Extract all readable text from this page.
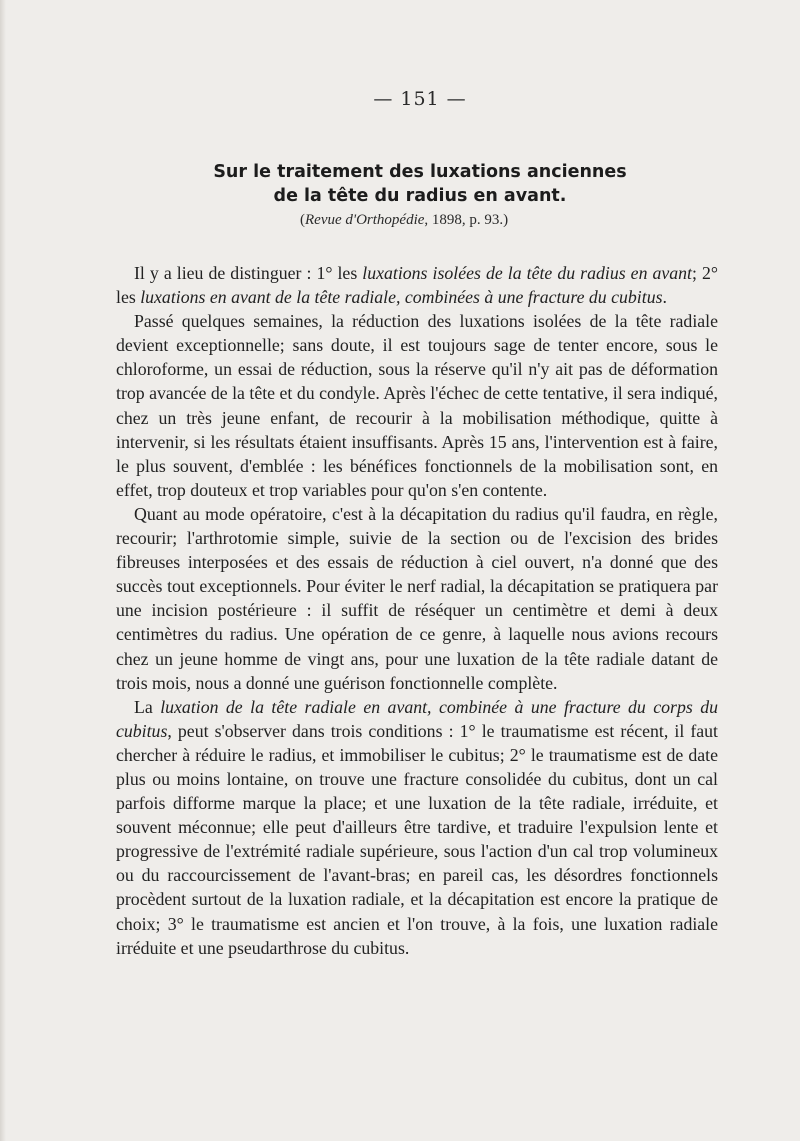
— 151 —
Sur le traitement des luxations anciennes
de la tête du radius en avant.
(Revue d'Orthopédie, 1898, p. 93.)

Il y a lieu de distinguer : 1° les luxations isolées de la tête du radius en avant; 2° les luxations en avant de la tête radiale, combinées à une fracture du cubitus.

Passé quelques semaines, la réduction des luxations isolées de la tête radiale devient exceptionnelle; sans doute, il est toujours sage de tenter encore, sous le chloroforme, un essai de réduction, sous la réserve qu'il n'y ait pas de déformation trop avancée de la tête et du condyle. Après l'échec de cette tentative, il sera indiqué, chez un très jeune enfant, de recourir à la mobilisation méthodique, quitte à intervenir, si les résultats étaient insuffisants. Après 15 ans, l'intervention est à faire, le plus souvent, d'emblée : les bénéfices fonctionnels de la mobilisation sont, en effet, trop douteux et trop variables pour qu'on s'en contente.

Quant au mode opératoire, c'est à la décapitation du radius qu'il faudra, en règle, recourir; l'arthrotomie simple, suivie de la section ou de l'excision des brides fibreuses interposées et des essais de réduction à ciel ouvert, n'a donné que des succès tout exceptionnels. Pour éviter le nerf radial, la décapitation se pratiquera par une incision postérieure : il suffit de réséquer un centimètre et demi à deux centimètres du radius. Une opération de ce genre, à laquelle nous avions recours chez un jeune homme de vingt ans, pour une luxation de la tête radiale datant de trois mois, nous a donné une guérison fonctionnelle complète.

La luxation de la tête radiale en avant, combinée à une fracture du corps du cubitus, peut s'observer dans trois conditions : 1° le traumatisme est récent, il faut chercher à réduire le radius, et immobiliser le cubitus; 2° le traumatisme est de date plus ou moins lontaine, on trouve une fracture consolidée du cubitus, dont un cal parfois difforme marque la place; et une luxation de la tête radiale, irréduite, et souvent méconnue; elle peut d'ailleurs être tardive, et traduire l'expulsion lente et progressive de l'extrémité radiale supérieure, sous l'action d'un cal trop volumineux ou du raccourcissement de l'avant-bras; en pareil cas, les désordres fonctionnels procèdent surtout de la luxation radiale, et la décapitation est encore la pratique de choix; 3° le traumatisme est ancien et l'on trouve, à la fois, une luxation radiale irréduite et une pseudarthrose du cubitus.
